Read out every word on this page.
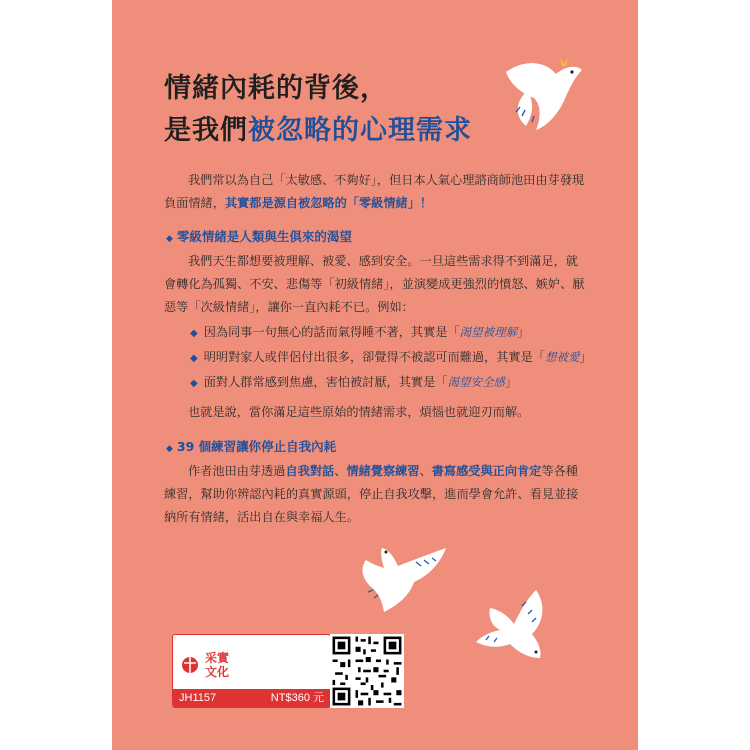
情緒內耗的背後，
是我們被忽略的心理需求
我們常以為自己「太敏感、不夠好」，但日本人氣心理諮商師池田由芽發現負面情緒，其實都是源自被忽略的「零級情緒」！
◆ 零級情緒是人類與生俱來的渴望
我們天生都想要被理解、被愛、感到安全。一旦這些需求得不到滿足，就會轉化為孤獨、不安、悲傷等「初級情緒」，並演變成更強烈的憤怒、嫉妒、厭惡等「次級情緒」，讓你一直內耗不已。例如：
◆ 因為同事一句無心的話而氣得睡不著，其實是「渴望被理解」
◆ 明明對家人或伴侶付出很多，卻覺得不被認可而難過，其實是「想被愛」
◆ 面對人群常感到焦慮，害怕被討厭，其實是「渴望安全感」
也就是說，當你滿足這些原始的情緒需求，煩惱也就迎刃而解。
◆ 39 個練習讓你停止自我內耗
作者池田由芽透過自我對話、情緒覺察練習、書寫感受與正向肯定等各種練習，幫助你辨認內耗的真實源頭，停止自我攻擊，進而學會允許、看見並接納所有情緒，活出自在與幸福人生。
采實
文化
JH1157	NT$360 元
